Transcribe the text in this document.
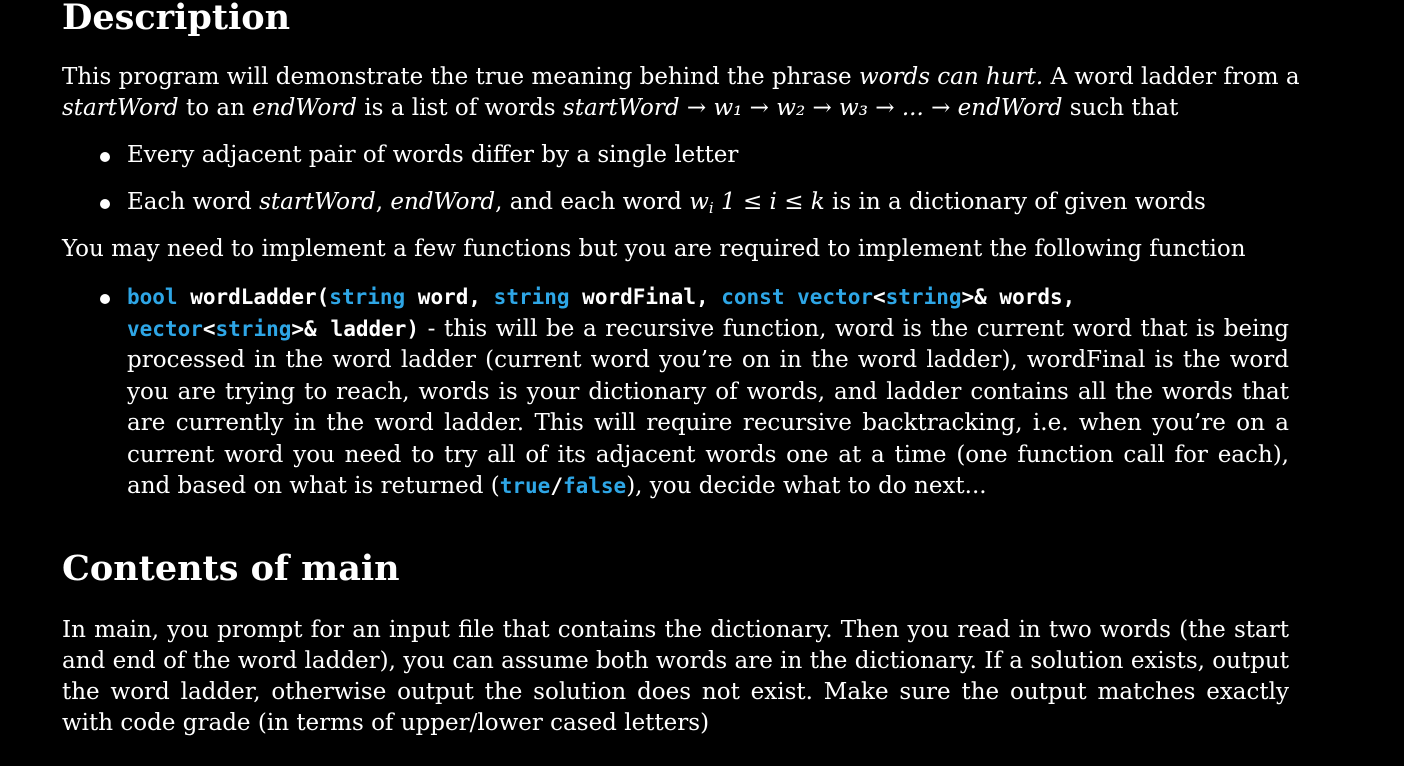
Description
This program will demonstrate the true meaning behind the phrase words can hurt. A word ladder from a
startWord to an endWord is a list of words startWord → w₁ → w₂ → w₃ → ... → endWord such that
Every adjacent pair of words differ by a single letter
Each word startWord, endWord, and each word $w_i$ 1 ≤ i ≤ k is in a dictionary of given words
You may need to implement a few functions but you are required to implement the following function
bool wordLadder(string word, string wordFinal, const vector<string>& words,
vector<string>& ladder) - this will be a recursive function, word is the current word that is being processed in the word ladder (current word you’re on in the word ladder), wordFinal is the word you are trying to reach, words is your dictionary of words, and ladder contains all the words that are currently in the word ladder. This will require recursive backtracking, i.e. when you’re on a current word you need to try all of its adjacent words one at a time (one function call for each), and based on what is returned (true/false), you decide what to do next...
Contents of main
In main, you prompt for an input file that contains the dictionary. Then you read in two words (the start and end of the word ladder), you can assume both words are in the dictionary. If a solution exists, output the word ladder, otherwise output the solution does not exist. Make sure the output matches exactly with code grade (in terms of upper/lower cased letters)
